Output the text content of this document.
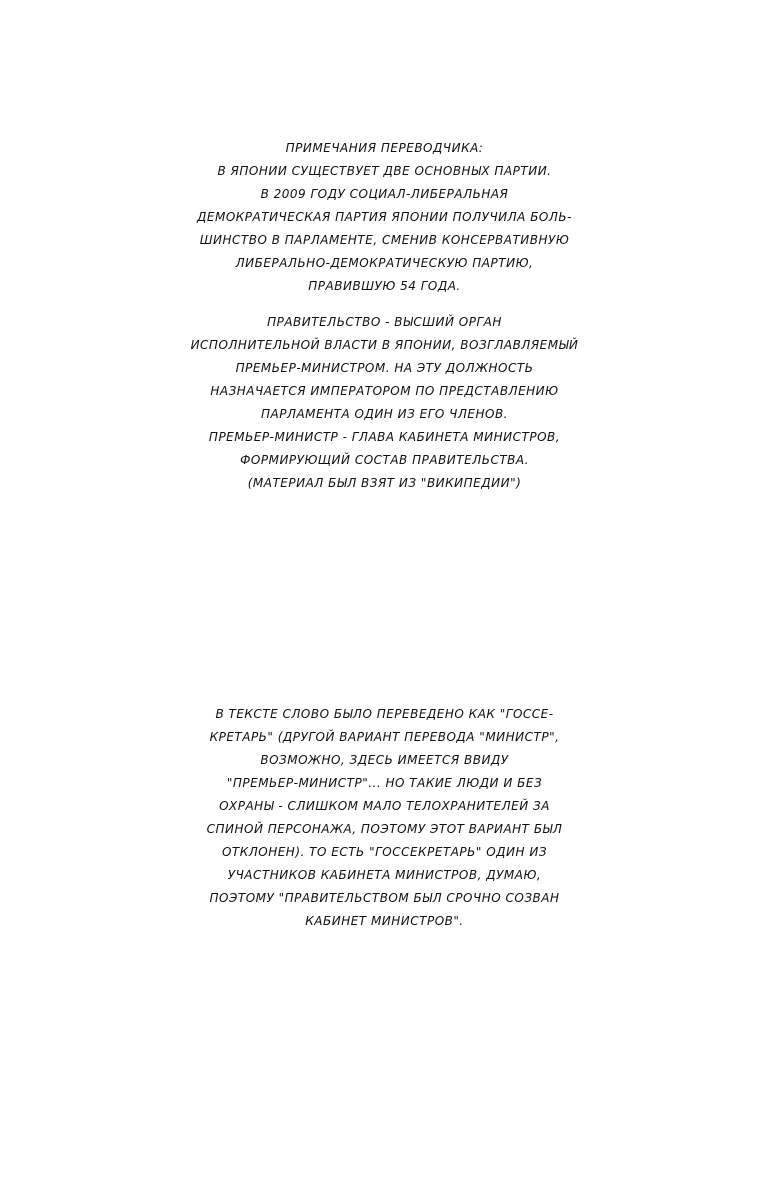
ПРИМЕЧАНИЯ ПЕРЕВОДЧИКА:
В ЯПОНИИ СУЩЕСТВУЕТ ДВЕ ОСНОВНЫХ ПАРТИИ.
В 2009 ГОДУ СОЦИАЛ-ЛИБЕРАЛЬНАЯ
ДЕМОКРАТИЧЕСКАЯ ПАРТИЯ ЯПОНИИ ПОЛУЧИЛА БОЛЬ-
ШИНСТВО В ПАРЛАМЕНТЕ, СМЕНИВ КОНСЕРВАТИВНУЮ
ЛИБЕРАЛЬНО-ДЕМОКРАТИЧЕСКУЮ ПАРТИЮ,
ПРАВИВШУЮ 54 ГОДА.
ПРАВИТЕЛЬСТВО - ВЫСШИЙ ОРГАН
ИСПОЛНИТЕЛЬНОЙ ВЛАСТИ В ЯПОНИИ, ВОЗГЛАВЛЯЕМЫЙ
ПРЕМЬЕР-МИНИСТРОМ. НА ЭТУ ДОЛЖНОСТЬ
НАЗНАЧАЕТСЯ ИМПЕРАТОРОМ ПО ПРЕДСТАВЛЕНИЮ
ПАРЛАМЕНТА ОДИН ИЗ ЕГО ЧЛЕНОВ.
ПРЕМЬЕР-МИНИСТР - ГЛАВА КАБИНЕТА МИНИСТРОВ,
ФОРМИРУЮЩИЙ СОСТАВ ПРАВИТЕЛЬСТВА.
(МАТЕРИАЛ БЫЛ ВЗЯТ ИЗ "ВИКИПЕДИИ")
В ТЕКСТЕ СЛОВО БЫЛО ПЕРЕВЕДЕНО КАК "ГОССЕ-
КРЕТАРЬ" (ДРУГОЙ ВАРИАНТ ПЕРЕВОДА "МИНИСТР",
ВОЗМОЖНО, ЗДЕСЬ ИМЕЕТСЯ ВВИДУ
"ПРЕМЬЕР-МИНИСТР"... НО ТАКИЕ ЛЮДИ И БЕЗ
ОХРАНЫ - СЛИШКОМ МАЛО ТЕЛОХРАНИТЕЛЕЙ ЗА
СПИНОЙ ПЕРСОНАЖА, ПОЭТОМУ ЭТОТ ВАРИАНТ БЫЛ
ОТКЛОНЕН). ТО ЕСТЬ "ГОССЕКРЕТАРЬ" ОДИН ИЗ
УЧАСТНИКОВ КАБИНЕТА МИНИСТРОВ, ДУМАЮ,
ПОЭТОМУ "ПРАВИТЕЛЬСТВОМ БЫЛ СРОЧНО СОЗВАН
КАБИНЕТ МИНИСТРОВ".
